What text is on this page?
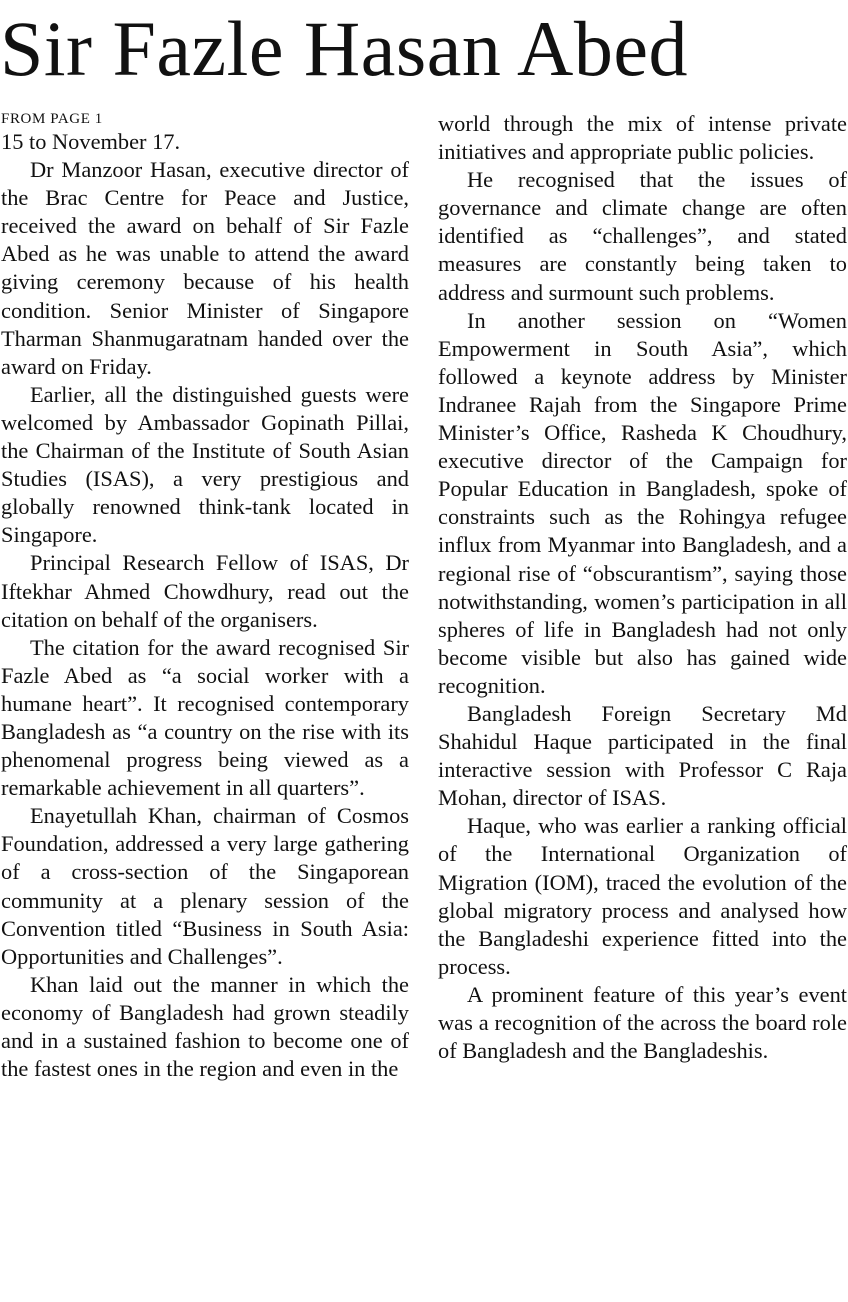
Sir Fazle Hasan Abed
FROM PAGE 1

15 to November 17.

Dr Manzoor Hasan, executive director of the Brac Centre for Peace and Justice, received the award on behalf of Sir Fazle Abed as he was unable to attend the award giving ceremony because of his health condition. Senior Minister of Singapore Tharman Shanmugaratnam handed over the award on Friday.

Earlier, all the distinguished guests were welcomed by Ambassador Gopinath Pillai, the Chairman of the Institute of South Asian Studies (ISAS), a very prestigious and globally renowned think-tank located in Singapore.

Principal Research Fellow of ISAS, Dr Iftekhar Ahmed Chowdhury, read out the citation on behalf of the organisers.

The citation for the award recognised Sir Fazle Abed as “a social worker with a humane heart”. It recognised contemporary Bangladesh as “a country on the rise with its phenomenal progress being viewed as a remarkable achievement in all quarters”.

Enayetullah Khan, chairman of Cosmos Foundation, addressed a very large gathering of a cross-section of the Singaporean community at a plenary session of the Convention titled “Business in South Asia: Opportunities and Challenges”.

Khan laid out the manner in which the economy of Bangladesh had grown steadily and in a sustained fashion to become one of the fastest ones in the region and even in the

world through the mix of intense private initiatives and appropriate public policies.

He recognised that the issues of governance and climate change are often identified as “challenges”, and stated measures are constantly being taken to address and surmount such problems.

In another session on “Women Empowerment in South Asia”, which followed a keynote address by Minister Indranee Rajah from the Singapore Prime Minister’s Office, Rasheda K Choudhury, executive director of the Campaign for Popular Education in Bangladesh, spoke of constraints such as the Rohingya refugee influx from Myanmar into Bangladesh, and a regional rise of “obscurantism”, saying those notwithstanding, women’s participation in all spheres of life in Bangladesh had not only become visible but also has gained wide recognition.

Bangladesh Foreign Secretary Md Shahidul Haque participated in the final interactive session with Professor C Raja Mohan, director of ISAS.

Haque, who was earlier a ranking official of the International Organization of Migration (IOM), traced the evolution of the global migratory process and analysed how the Bangladeshi experience fitted into the process.

A prominent feature of this year’s event was a recognition of the across the board role of Bangladesh and the Bangladeshis.
